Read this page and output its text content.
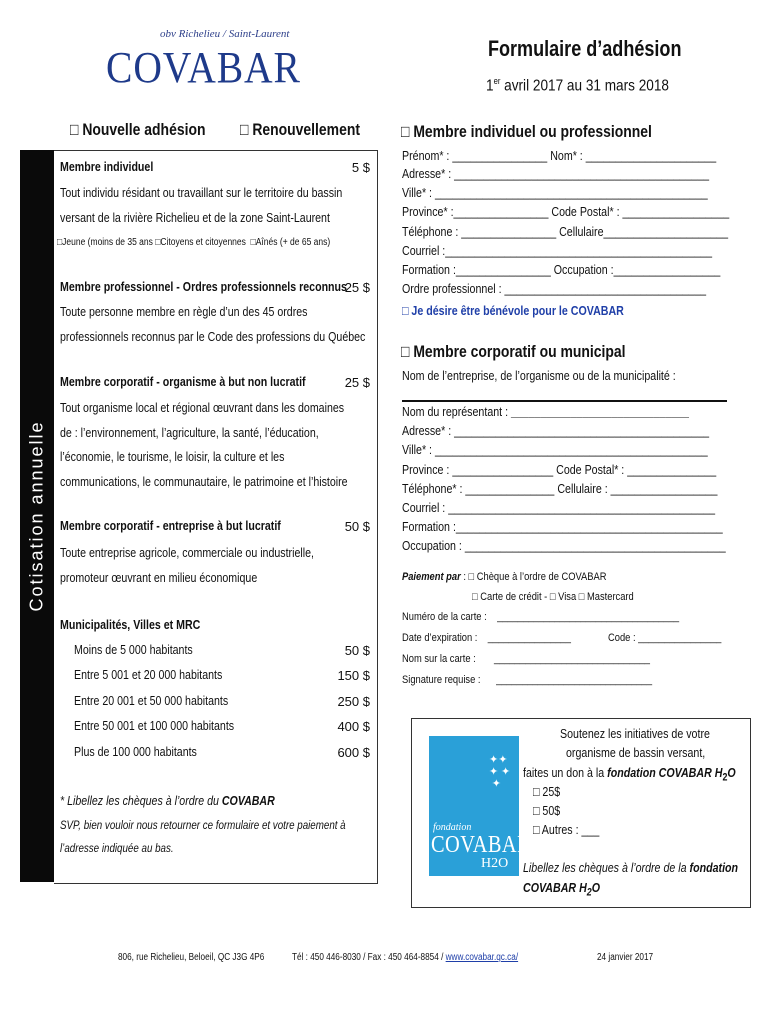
obv Richelieu / Saint-Laurent
COVABAR	Formulaire d’adhésion
1er avril 2017 au 31 mars 2018
□ Nouvelle adhésion □ Renouvellement □ Membre individuel ou professionnel
Cotisation annuelle
Membre individuel	5 $
Tout individu résidant ou travaillant sur le territoire du bassin
versant de la rivière Richelieu et de la zone Saint-Laurent
□Jeune (moins de 35 ans □Citoyens et citoyennes □Aînés (+ de 65 ans)
Membre professionnel - Ordres professionnels reconnus
25 $
Toute personne membre en règle d’un des 45 ordres
professionnels reconnus par le Code des professions du Québec
Membre corporatif - organisme à but non lucratif	25 $
Tout organisme local et régional œuvrant dans les domaines
de : l’environnement, l’agriculture, la santé, l’éducation,
l’économie, le tourisme, le loisir, la culture et les
communications, le communautaire, le patrimoine et l’histoire
Membre corporatif - entreprise à but lucratif	50 $
Toute entreprise agricole, commerciale ou industrielle,
promoteur œuvrant en milieu économique
Municipalités, Villes et MRC
Moins de 5 000 habitants	50 $
Entre 5 001 et 20 000 habitants	150 $
Entre 20 001 et 50 000 habitants	250 $
Entre 50 001 et 100 000 habitants	400 $
Plus de 100 000 habitants	600 $
* Libellez les chèques à l’ordre du COVABAR
SVP, bien vouloir nous retourner ce formulaire et votre paiement à
l’adresse indiquée au bas.
Prénom* : ________________ Nom* : ______________________
Adresse* : ___________________________________________
Ville* : ______________________________________________
Province* :________________ Code Postal* : __________________
Téléphone : ________________ Cellulaire_____________________
Courriel :_____________________________________________
Formation :________________ Occupation :__________________
Ordre professionnel : __________________________________
□ Je désire être bénévole pour le COVABAR
□ Membre corporatif ou municipal
Nom de l’entreprise, de l’organisme ou de la municipalité :
Nom du représentant : ______________________________
Adresse* : ___________________________________________
Ville* : ______________________________________________
Province : _________________ Code Postal* : _______________
Téléphone* : _______________ Cellulaire : __________________
Courriel : _____________________________________________
Formation :_____________________________________________
Occupation : ____________________________________________
Paiement par : □ Chèque à l’ordre de COVABAR
□ Carte de crédit - □ Visa □ Mastercard
Numéro de la carte :    ___________________________________
Date d’expiration :    ________________	Code : ________________
Nom sur la carte :       ______________________________
Signature requise :      ______________________________
✦✦
✦ ✦
✦
fondation
COVABAR
H2O
Soutenez les initiatives de votre
organisme de bassin versant,
faites un don à la fondation COVABAR $H_2O$
□ 25$
□ 50$
□ Autres : ___
Libellez les chèques à l’ordre de la fondation
COVABAR $H_2O$
806, rue Richelieu, Beloeil, QC J3G 4P6	Tél : 450 446-8030 / Fax : 450 464-8854 / www.covabar.qc.ca/	24 janvier 2017
